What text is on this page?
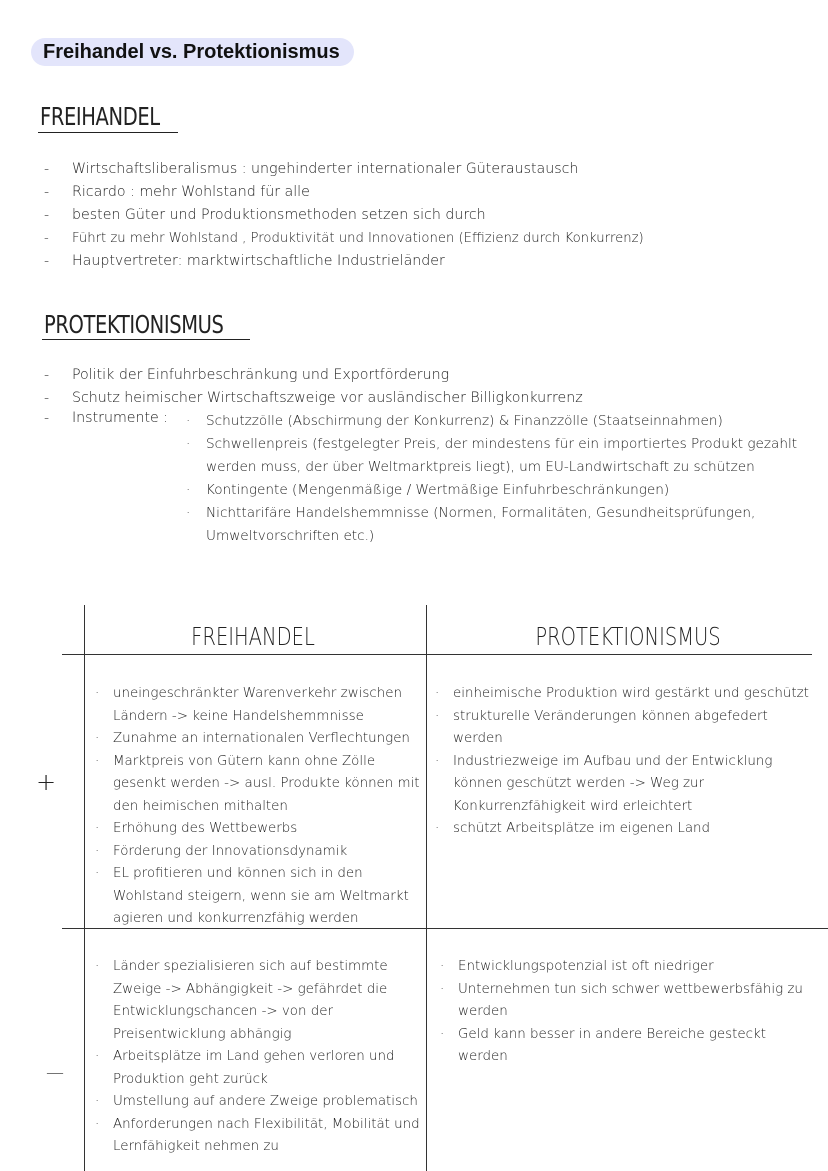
Freihandel vs. Protektionismus
FREIHANDEL
- Wirtschaftsliberalismus : ungehinderter internationaler Güteraustausch
- Ricardo : mehr Wohlstand für alle
- besten Güter und Produktionsmethoden setzen sich durch
- Führt zu mehr Wohlstand , Produktivität und Innovationen (Effizienz durch Konkurrenz)
- Hauptvertreter: marktwirtschaftliche Industrieländer
PROTEKTIONISMUS
- Politik der Einfuhrbeschränkung und Exportförderung
- Schutz heimischer Wirtschaftszweige vor ausländischer Billigkonkurrenz
- Instrumente : · Schutzzölle (Abschirmung der Konkurrenz) & Finanzzölle (Staatseinnahmen)
· Schwellenpreis (festgelegter Preis, der mindestens für ein importiertes Produkt gezahlt werden muss, der über Weltmarktpreis liegt), um EU-Landwirtschaft zu schützen
· Kontingente (Mengenmäßige / Wertmäßige Einfuhrbeschränkungen)
· Nichttarifäre Handelshemmnisse (Normen, Formalitäten, Gesundheitsprüfungen, Umweltvorschriften etc.)
FREIHANDEL	PROTEKTIONISMUS
+
—
· uneingeschränkter Warenverkehr zwischen Ländern -> keine Handelshemmnisse
· Zunahme an internationalen Verflechtungen
· Marktpreis von Gütern kann ohne Zölle gesenkt werden -> ausl. Produkte können mit den heimischen mithalten
· Erhöhung des Wettbewerbs
· Förderung der Innovationsdynamik
· EL profitieren und können sich in den Wohlstand steigern, wenn sie am Weltmarkt agieren und konkurrenzfähig werden
· einheimische Produktion wird gestärkt und geschützt
· strukturelle Veränderungen können abgefedert werden
· Industriezweige im Aufbau und der Entwicklung können geschützt werden -> Weg zur Konkurrenzfähigkeit wird erleichtert
· schützt Arbeitsplätze im eigenen Land
· Länder spezialisieren sich auf bestimmte Zweige -> Abhängigkeit -> gefährdet die Entwicklungschancen -> von der Preisentwicklung abhängig
· Arbeitsplätze im Land gehen verloren und Produktion geht zurück
· Umstellung auf andere Zweige problematisch
· Anforderungen nach Flexibilität, Mobilität und Lernfähigkeit nehmen zu
· Entwicklungspotenzial ist oft niedriger
· Unternehmen tun sich schwer wettbewerbsfähig zu werden
· Geld kann besser in andere Bereiche gesteckt werden
